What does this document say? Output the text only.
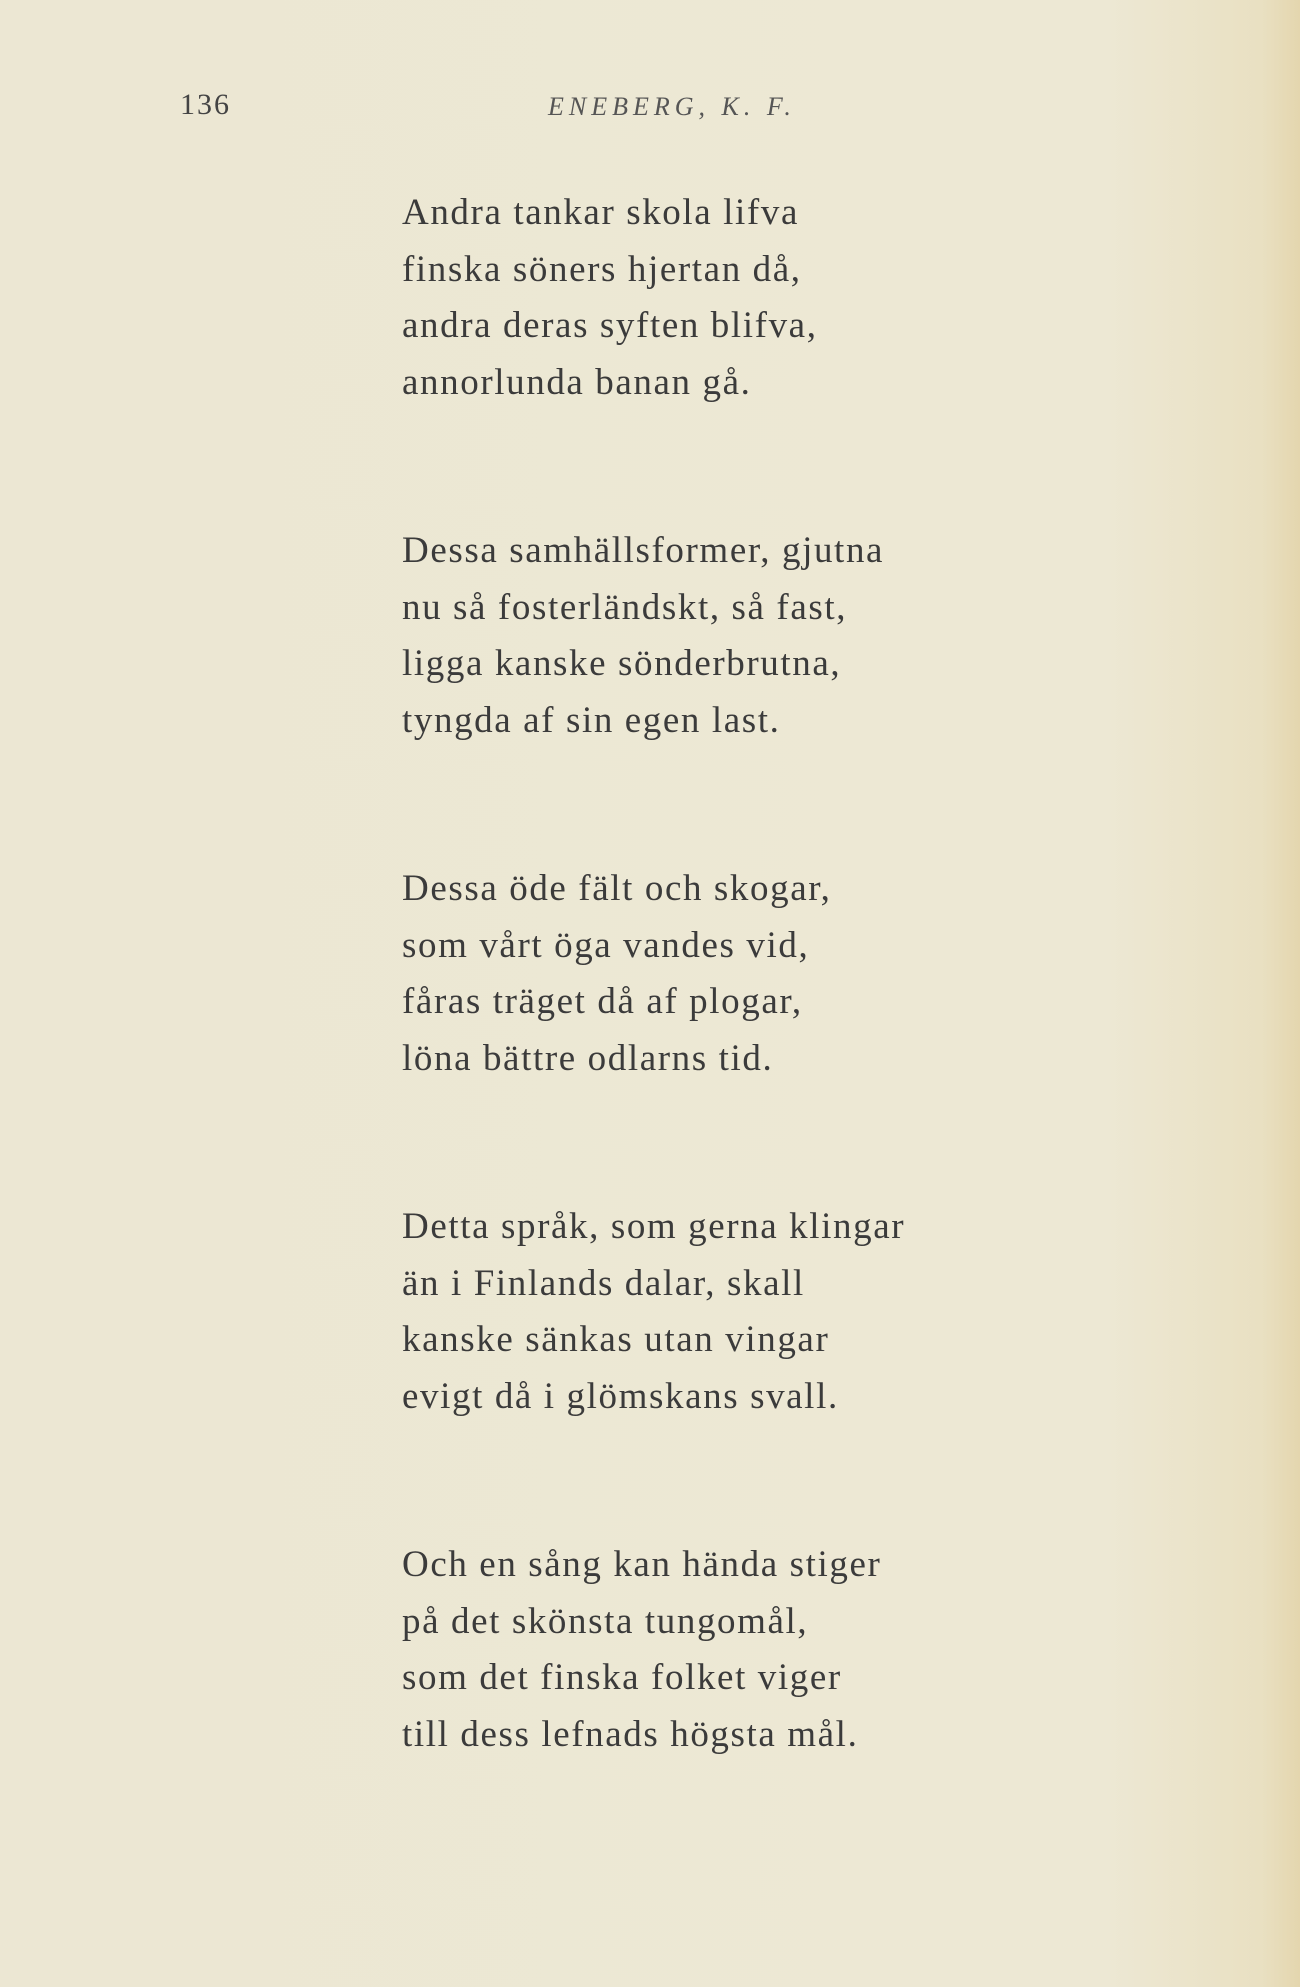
136	ENEBERG, K. F.
Andra tankar skola lifva
finska söners hjertan då,
andra deras syften blifva,
annorlunda banan gå.
Dessa samhällsformer, gjutna
nu så fosterländskt, så fast,
ligga kanske sönderbrutna,
tyngda af sin egen last.
Dessa öde fält och skogar,
som vårt öga vandes vid,
fåras träget då af plogar,
löna bättre odlarns tid.
Detta språk, som gerna klingar
än i Finlands dalar, skall
kanske sänkas utan vingar
evigt då i glömskans svall.
Och en sång kan hända stiger
på det skönsta tungomål,
som det finska folket viger
till dess lefnads högsta mål.
